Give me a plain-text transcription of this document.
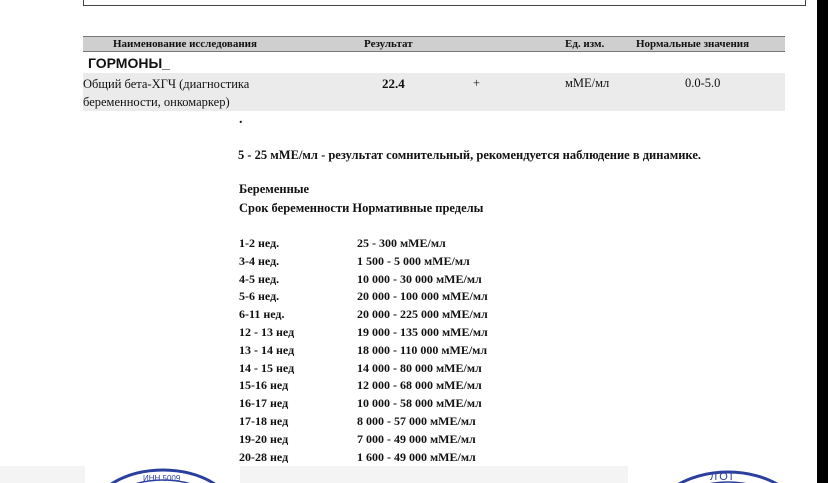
Наименование исследования	Результат	Ед. изм.	Нормальные значения
ГОРМОНЫ_
Общий бета-ХГЧ (диагностика
беременности, онкомаркер)
22.4	+	мМЕ/мл	0.0-5.0
.
5 - 25 мМЕ/мл - результат сомнительный, рекомендуется наблюдение в динамике.
Беременные
Срок беременности Нормативные пределы
1-2 нед.	25 - 300 мМЕ/мл
3-4 нед.	1 500 - 5 000 мМЕ/мл
4-5 нед.	10 000 - 30 000 мМЕ/мл
5-6 нед.	20 000 - 100 000 мМЕ/мл
6-11 нед.	20 000 - 225 000 мМЕ/мл
12 - 13 нед	19 000 - 135 000 мМЕ/мл
13 - 14 нед	18 000 - 110 000 мМЕ/мл
14 - 15 нед	14 000 - 80 000 мМЕ/мл
15-16 нед	12 000 - 68 000 мМЕ/мл
16-17 нед	10 000 - 58 000 мМЕ/мл
17-18 нед	8 000 - 57 000 мМЕ/мл
19-20 нед	7 000 - 49 000 мМЕ/мл
20-28 нед	1 600 - 49 000 мМЕ/мл
ИНН 5009	ЛОГ
